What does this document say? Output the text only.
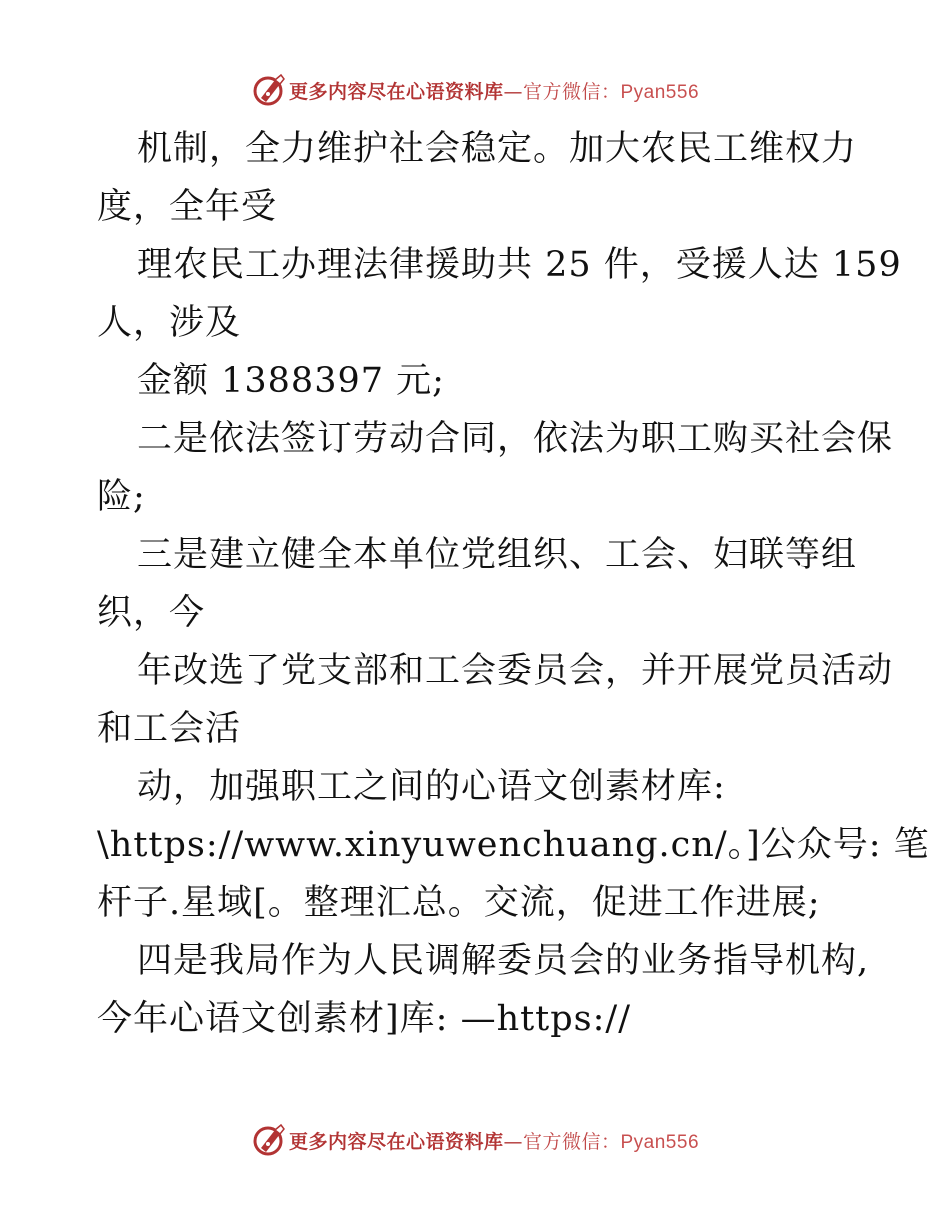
更多内容尽在心语资料库—官方微信：Pyan556
机制，全力维护社会稳定。加大农民工维权力
度，全年受
理农民工办理法律援助共 25 件，受援人达 159
人，涉及
金额 1388397 元;
二是依法签订劳动合同，依法为职工购买社会保
险;
三是建立健全本单位党组织、工会、妇联等组
织，今
年改选了党支部和工会委员会，并开展党员活动
和工会活
动，加强职工之间的心语文创素材库:
\https://www.xinyuwenchuang.cn/。]公众号: 笔
杆子.星域[。整理汇总。交流，促进工作进展;
四是我局作为人民调解委员会的业务指导机构,
今年心语文创素材]库: —https://
更多内容尽在心语资料库—官方微信：Pyan556
